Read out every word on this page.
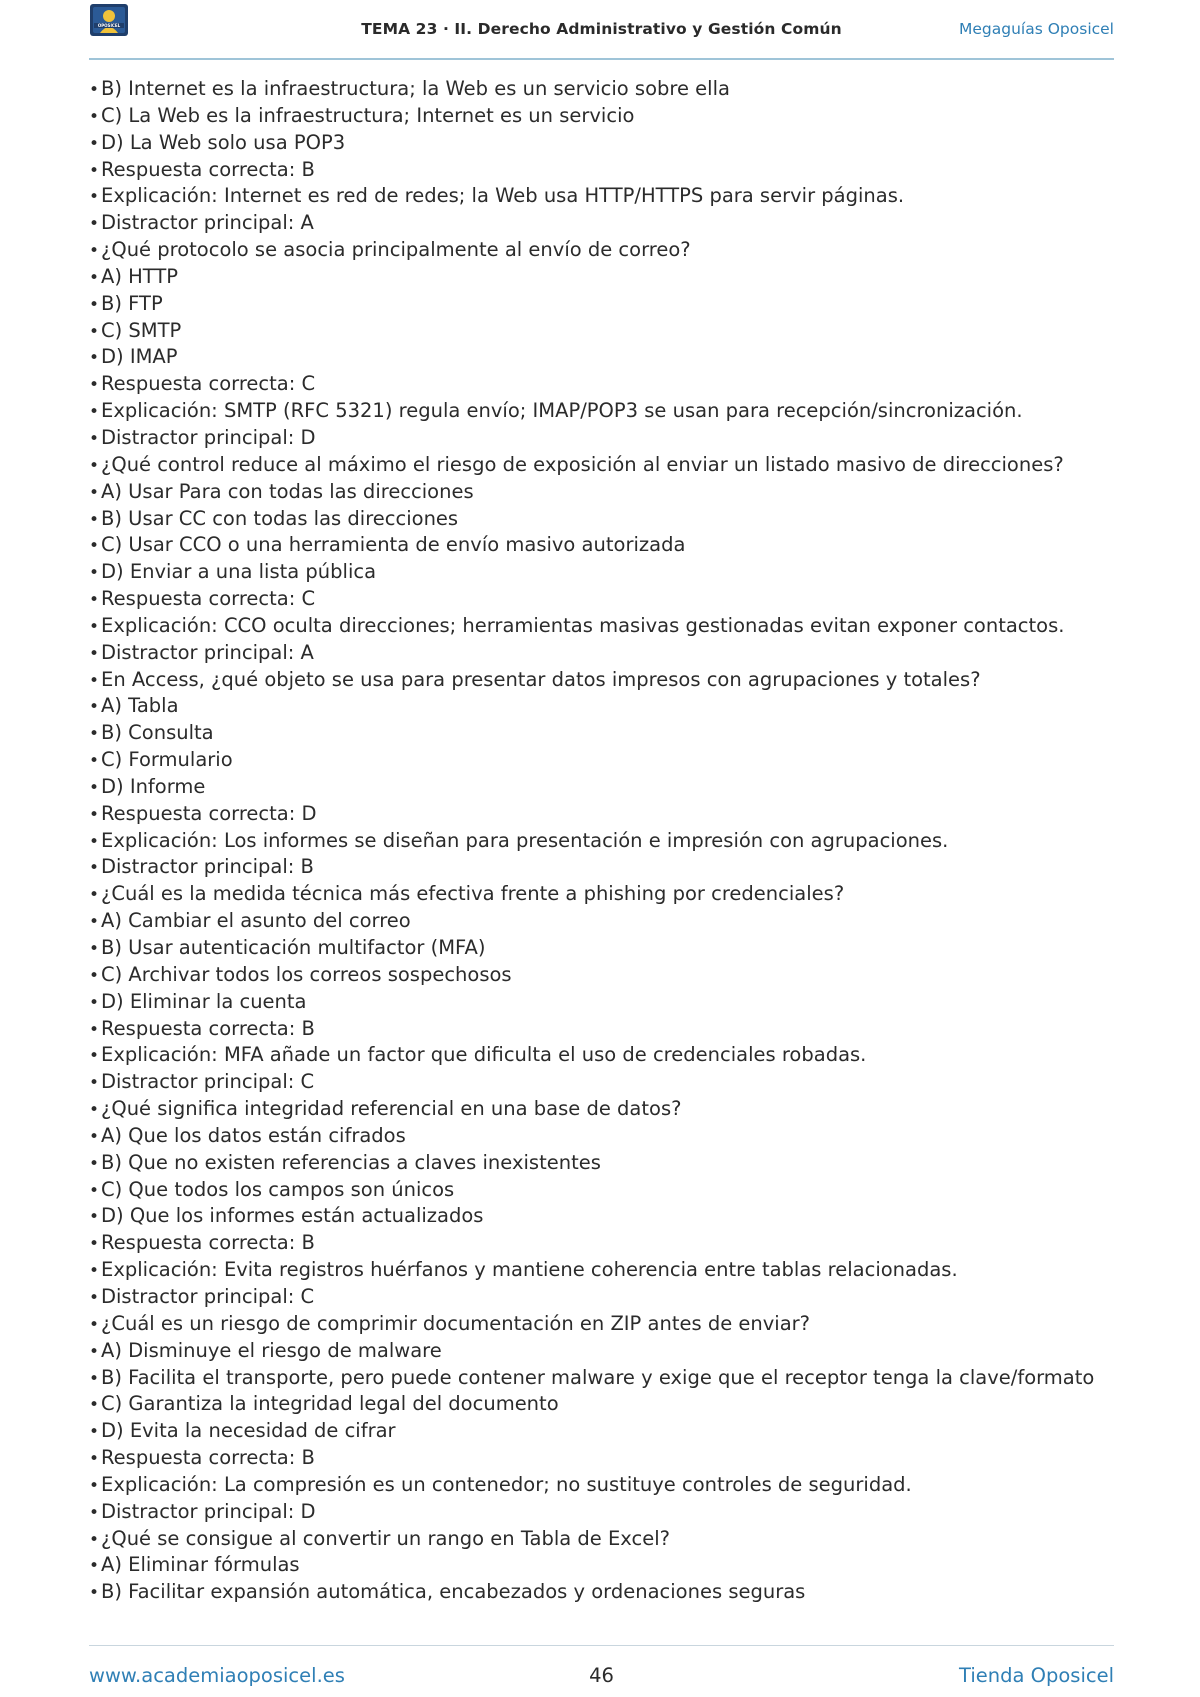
OPOSICEL	TEMA 23 · II. Derecho Administrativo y Gestión Común	Megaguías Oposicel
• B) Internet es la infraestructura; la Web es un servicio sobre ella
• C) La Web es la infraestructura; Internet es un servicio
• D) La Web solo usa POP3
• Respuesta correcta: B
• Explicación: Internet es red de redes; la Web usa HTTP/HTTPS para servir páginas.
• Distractor principal: A
• ¿Qué protocolo se asocia principalmente al envío de correo?
• A) HTTP
• B) FTP
• C) SMTP
• D) IMAP
• Respuesta correcta: C
• Explicación: SMTP (RFC 5321) regula envío; IMAP/POP3 se usan para recepción/sincronización.
• Distractor principal: D
• ¿Qué control reduce al máximo el riesgo de exposición al enviar un listado masivo de direcciones?
• A) Usar Para con todas las direcciones
• B) Usar CC con todas las direcciones
• C) Usar CCO o una herramienta de envío masivo autorizada
• D) Enviar a una lista pública
• Respuesta correcta: C
• Explicación: CCO oculta direcciones; herramientas masivas gestionadas evitan exponer contactos.
• Distractor principal: A
• En Access, ¿qué objeto se usa para presentar datos impresos con agrupaciones y totales?
• A) Tabla
• B) Consulta
• C) Formulario
• D) Informe
• Respuesta correcta: D
• Explicación: Los informes se diseñan para presentación e impresión con agrupaciones.
• Distractor principal: B
• ¿Cuál es la medida técnica más efectiva frente a phishing por credenciales?
• A) Cambiar el asunto del correo
• B) Usar autenticación multifactor (MFA)
• C) Archivar todos los correos sospechosos
• D) Eliminar la cuenta
• Respuesta correcta: B
• Explicación: MFA añade un factor que dificulta el uso de credenciales robadas.
• Distractor principal: C
• ¿Qué significa integridad referencial en una base de datos?
• A) Que los datos están cifrados
• B) Que no existen referencias a claves inexistentes
• C) Que todos los campos son únicos
• D) Que los informes están actualizados
• Respuesta correcta: B
• Explicación: Evita registros huérfanos y mantiene coherencia entre tablas relacionadas.
• Distractor principal: C
• ¿Cuál es un riesgo de comprimir documentación en ZIP antes de enviar?
• A) Disminuye el riesgo de malware
• B) Facilita el transporte, pero puede contener malware y exige que el receptor tenga la clave/formato
• C) Garantiza la integridad legal del documento
• D) Evita la necesidad de cifrar
• Respuesta correcta: B
• Explicación: La compresión es un contenedor; no sustituye controles de seguridad.
• Distractor principal: D
• ¿Qué se consigue al convertir un rango en Tabla de Excel?
• A) Eliminar fórmulas
• B) Facilitar expansión automática, encabezados y ordenaciones seguras
www.academiaoposicel.es	46	Tienda Oposicel
